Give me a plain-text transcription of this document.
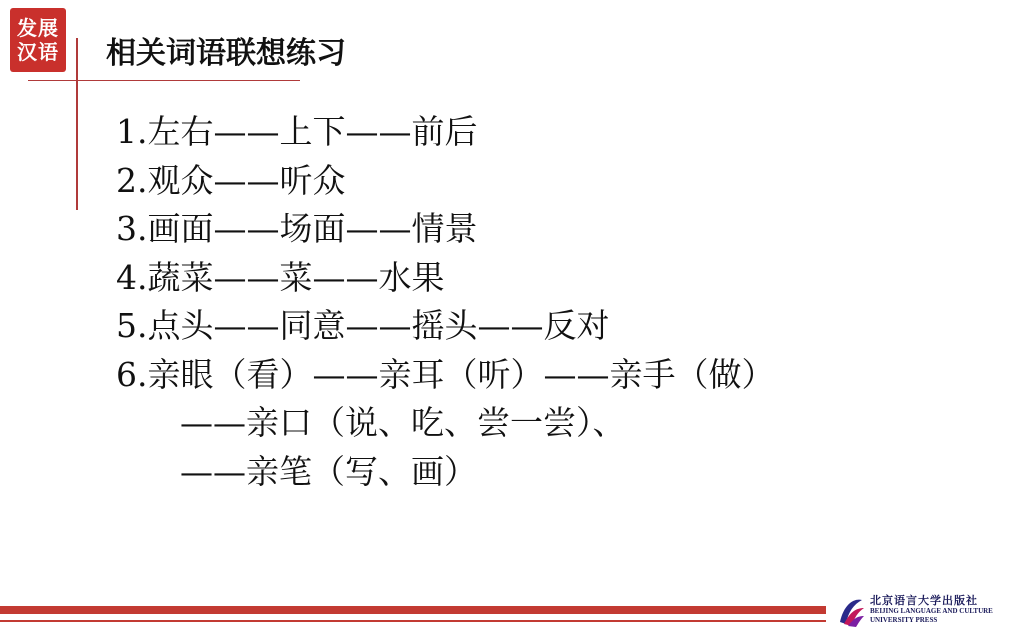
发展
汉语 相关词语联想练习
1.左右——上下——前后
2.观众——听众
3.画面——场面——情景
4.蔬菜——菜——水果
5.点头——同意——摇头——反对
6.亲眼（看）——亲耳（听）——亲手（做）
——亲口（说、吃、尝一尝）、
——亲笔（写、画）
北京语言大学出版社
BEIJING LANGUAGE AND CULTURE
UNIVERSITY PRESS
